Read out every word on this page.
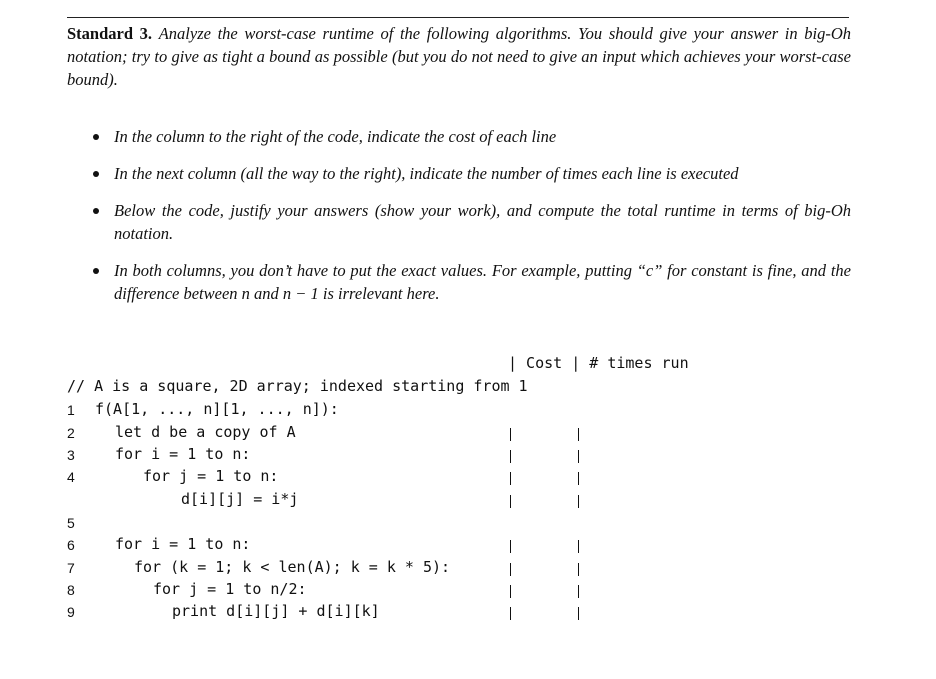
Standard 3. Analyze the worst-case runtime of the following algorithms. You should give your answer in big-Oh notation; try to give as tight a bound as possible (but you do not need to give an input which achieves your worst-case bound).
In the column to the right of the code, indicate the cost of each line
In the next column (all the way to the right), indicate the number of times each line is executed
Below the code, justify your answers (show your work), and compute the total runtime in terms of big-Oh notation.
In both columns, you don’t have to put the exact values. For example, putting “c” for constant is fine, and the difference between n and n − 1 is irrelevant here.
| Cost | # times run
// A is a square, 2D array; indexed starting from 1
1
2
3
4
5
6
7
8
9
f(A[1, ..., n][1, ..., n]):
let d be a copy of A
for i = 1 to n:
for j = 1 to n:
d[i][j] = i*j
for i = 1 to n:
for (k = 1; k < len(A); k = k * 5):
for j = 1 to n/2:
print d[i][j] + d[i][k]
